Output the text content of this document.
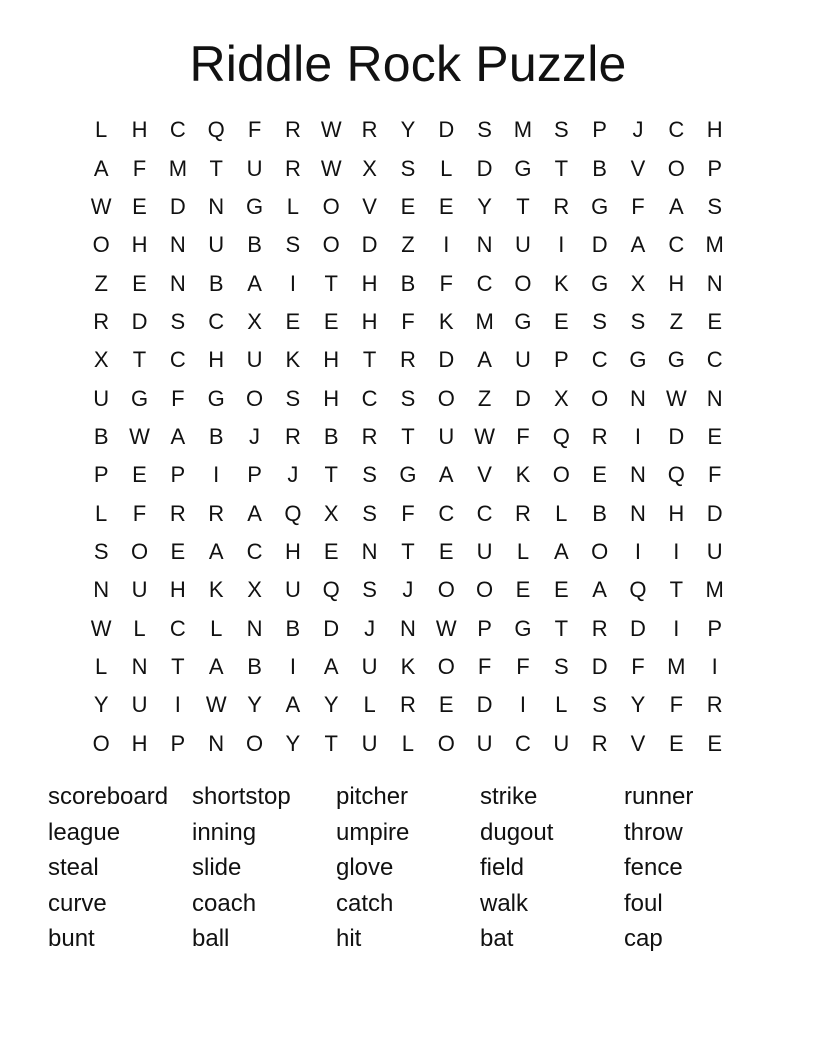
Riddle Rock Puzzle
L	H	C Q	F	R W R	Y	D	S M S	P	J	C	H
A	F	M	T	U	R W X	S	L	D G	T	B	V	O	P
W E	D	N G	L	O	V	E	E	Y	T	R G	F	A	S
O H	N	U	B	S	O D	Z	I	N	U	I	D	A	C M
Z	E	N	B	A	I	T	H	B	F	C O	K	G	X	H	N
R	D	S	C	X	E	E	H	F	K M G	E	S	S	Z	E
X	T	C	H	U	K	H	T	R	D	A	U	P	C G G C
U G	F	G O	S	H	C	S	O	Z	D	X	O N W N
B W A	B	J	R	B	R	T	U W F	Q R	I	D	E
P	E	P	I	P	J	T	S	G	A	V	K	O	E	N Q	F
L	F	R	R	A	Q	X	S	F	C	C	R	L	B	N	H	D
S	O	E	A	C	H	E	N	T	E	U	L	A	O	I	I	U
N	U	H	K	X	U Q	S	J	O O	E	E	A	Q	T	M
W L	C	L	N	B	D	J	N W P	G	T	R	D	I	P
L	N	T	A	B	I	A	U	K	O	F	F	S	D	F	M	I
Y	U	I	W Y	A	Y	L	R	E	D	I	L	S	Y	F	R
O H	P	N O	Y	T	U	L	O U	C	U	R	V	E	E
scoreboard shortstop	pitcher	strike	runner
league	inning	umpire	dugout	throw
steal	slide	glove	field	fence
curve	coach	catch	walk	foul
bunt	ball	hit	bat	cap
